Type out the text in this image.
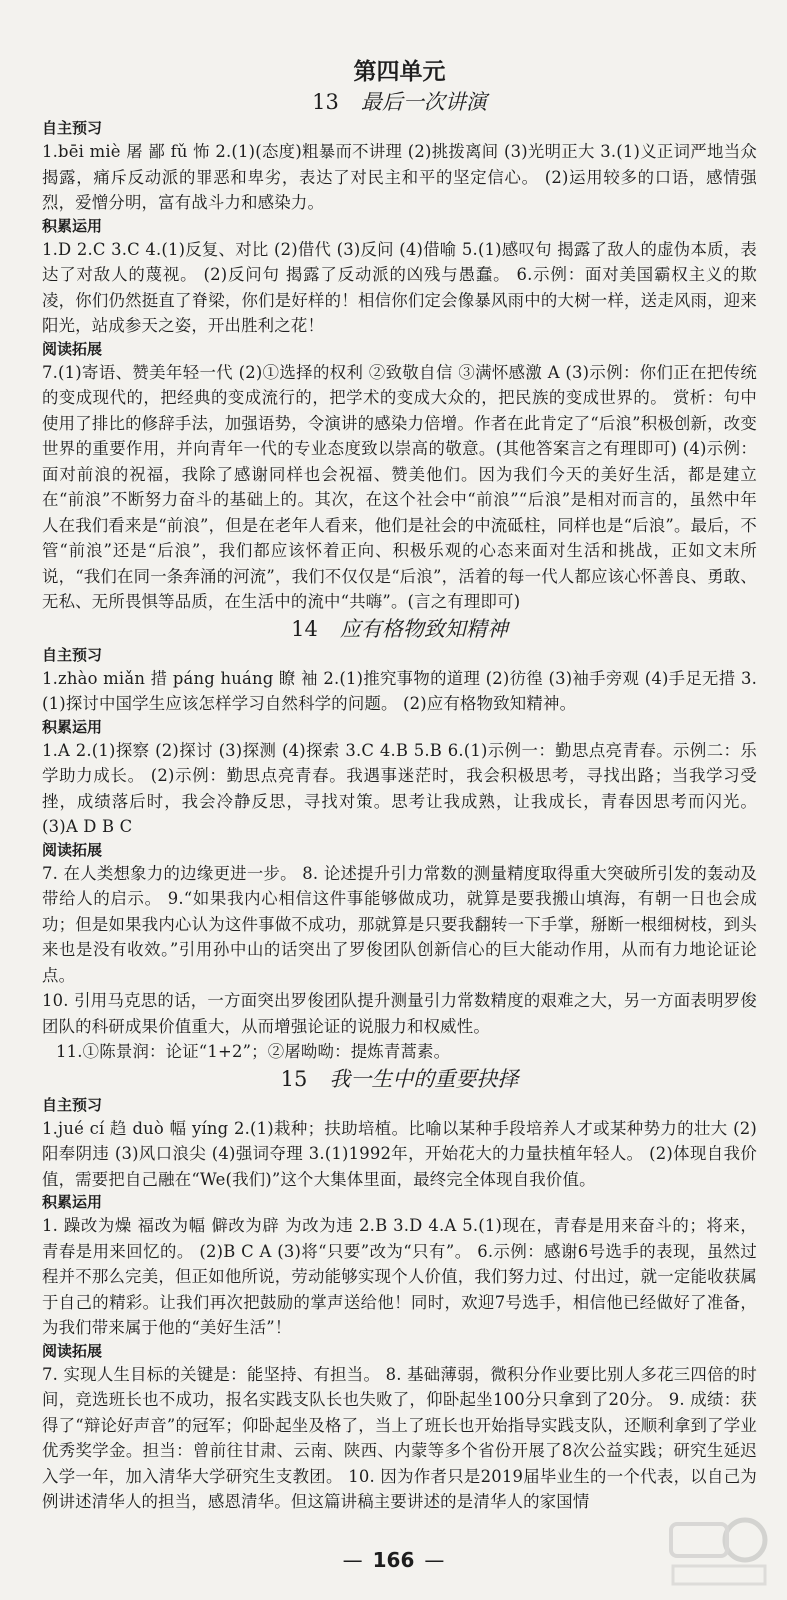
第四单元
13 最后一次讲演
自主预习

1.bēi miè 屠 鄙 fǔ 怖 2.(1)(态度)粗暴而不讲理 (2)挑拨离间 (3)光明正大 3.(1)义正词严地当众揭露，痛斥反动派的罪恶和卑劣，表达了对民主和平的坚定信心。 (2)运用较多的口语，感情强烈，爱憎分明，富有战斗力和感染力。

积累运用

1.D 2.C 3.C 4.(1)反复、对比 (2)借代 (3)反问 (4)借喻 5.(1)感叹句 揭露了敌人的虚伪本质，表达了对敌人的蔑视。 (2)反问句 揭露了反动派的凶残与愚蠢。 6.示例：面对美国霸权主义的欺凌，你们仍然挺直了脊梁，你们是好样的！相信你们定会像暴风雨中的大树一样，送走风雨，迎来阳光，站成参天之姿，开出胜利之花！

阅读拓展

7.(1)寄语、赞美年轻一代 (2)①选择的权利 ②致敬自信 ③满怀感激 A (3)示例：你们正在把传统的变成现代的，把经典的变成流行的，把学术的变成大众的，把民族的变成世界的。 赏析：句中使用了排比的修辞手法，加强语势，令演讲的感染力倍增。作者在此肯定了“后浪”积极创新，改变世界的重要作用，并向青年一代的专业态度致以崇高的敬意。(其他答案言之有理即可) (4)示例：面对前浪的祝福，我除了感谢同样也会祝福、赞美他们。因为我们今天的美好生活，都是建立在“前浪”不断努力奋斗的基础上的。其次，在这个社会中“前浪”“后浪”是相对而言的，虽然中年人在我们看来是“前浪”，但是在老年人看来，他们是社会的中流砥柱，同样也是“后浪”。最后，不管“前浪”还是“后浪”，我们都应该怀着正向、积极乐观的心态来面对生活和挑战，正如文末所说，“我们在同一条奔涌的河流”，我们不仅仅是“后浪”，活着的每一代人都应该心怀善良、勇敢、无私、无所畏惧等品质，在生活中的流中“共嗨”。(言之有理即可)

14 应有格物致知精神
自主预习

1.zhào miǎn 措 páng huáng 瞭 袖 2.(1)推究事物的道理 (2)彷徨 (3)袖手旁观 (4)手足无措 3.(1)探讨中国学生应该怎样学习自然科学的问题。 (2)应有格物致知精神。

积累运用

1.A 2.(1)探察 (2)探讨 (3)探测 (4)探索 3.C 4.B 5.B 6.(1)示例一：勤思点亮青春。示例二：乐学助力成长。 (2)示例：勤思点亮青春。我遇事迷茫时，我会积极思考，寻找出路；当我学习受挫，成绩落后时，我会冷静反思，寻找对策。思考让我成熟，让我成长，青春因思考而闪光。 (3)A D B C

阅读拓展

7. 在人类想象力的边缘更进一步。 8. 论述提升引力常数的测量精度取得重大突破所引发的轰动及带给人的启示。 9.“如果我内心相信这件事能够做成功，就算是要我搬山填海，有朝一日也会成功；但是如果我内心认为这件事做不成功，那就算是只要我翻转一下手掌，掰断一根细树枝，到头来也是没有收效。”引用孙中山的话突出了罗俊团队创新信心的巨大能动作用，从而有力地论证论点。

10. 引用马克思的话，一方面突出罗俊团队提升测量引力常数精度的艰难之大，另一方面表明罗俊团队的科研成果价值重大，从而增强论证的说服力和权威性。

11.①陈景润：论证“1+2”；②屠呦呦：提炼青蒿素。

15 我一生中的重要抉择
自主预习

1.jué cí 趋 duò 幅 yíng 2.(1)栽种；扶助培植。比喻以某种手段培养人才或某种势力的壮大 (2)阳奉阴违 (3)风口浪尖 (4)强词夺理 3.(1)1992年，开始花大的力量扶植年轻人。 (2)体现自我价值，需要把自己融在“We(我们)”这个大集体里面，最终完全体现自我价值。

积累运用

1. 躁改为燥 福改为幅 僻改为辟 为改为违 2.B 3.D 4.A 5.(1)现在，青春是用来奋斗的；将来，青春是用来回忆的。 (2)B C A (3)将“只要”改为“只有”。 6.示例：感谢6号选手的表现，虽然过程并不那么完美，但正如他所说，劳动能够实现个人价值，我们努力过、付出过，就一定能收获属于自己的精彩。让我们再次把鼓励的掌声送给他！同时，欢迎7号选手，相信他已经做好了准备，为我们带来属于他的“美好生活”！

阅读拓展

7. 实现人生目标的关键是：能坚持、有担当。 8. 基础薄弱，微积分作业要比别人多花三四倍的时间，竞选班长也不成功，报名实践支队长也失败了，仰卧起坐100分只拿到了20分。 9. 成绩：获得了“辩论好声音”的冠军；仰卧起坐及格了，当上了班长也开始指导实践支队，还顺利拿到了学业优秀奖学金。担当：曾前往甘肃、云南、陕西、内蒙等多个省份开展了8次公益实践；研究生延迟入学一年，加入清华大学研究生支教团。 10. 因为作者只是2019届毕业生的一个代表，以自己为例讲述清华人的担当，感恩清华。但这篇讲稿主要讲述的是清华人的家国情

— 166 —
